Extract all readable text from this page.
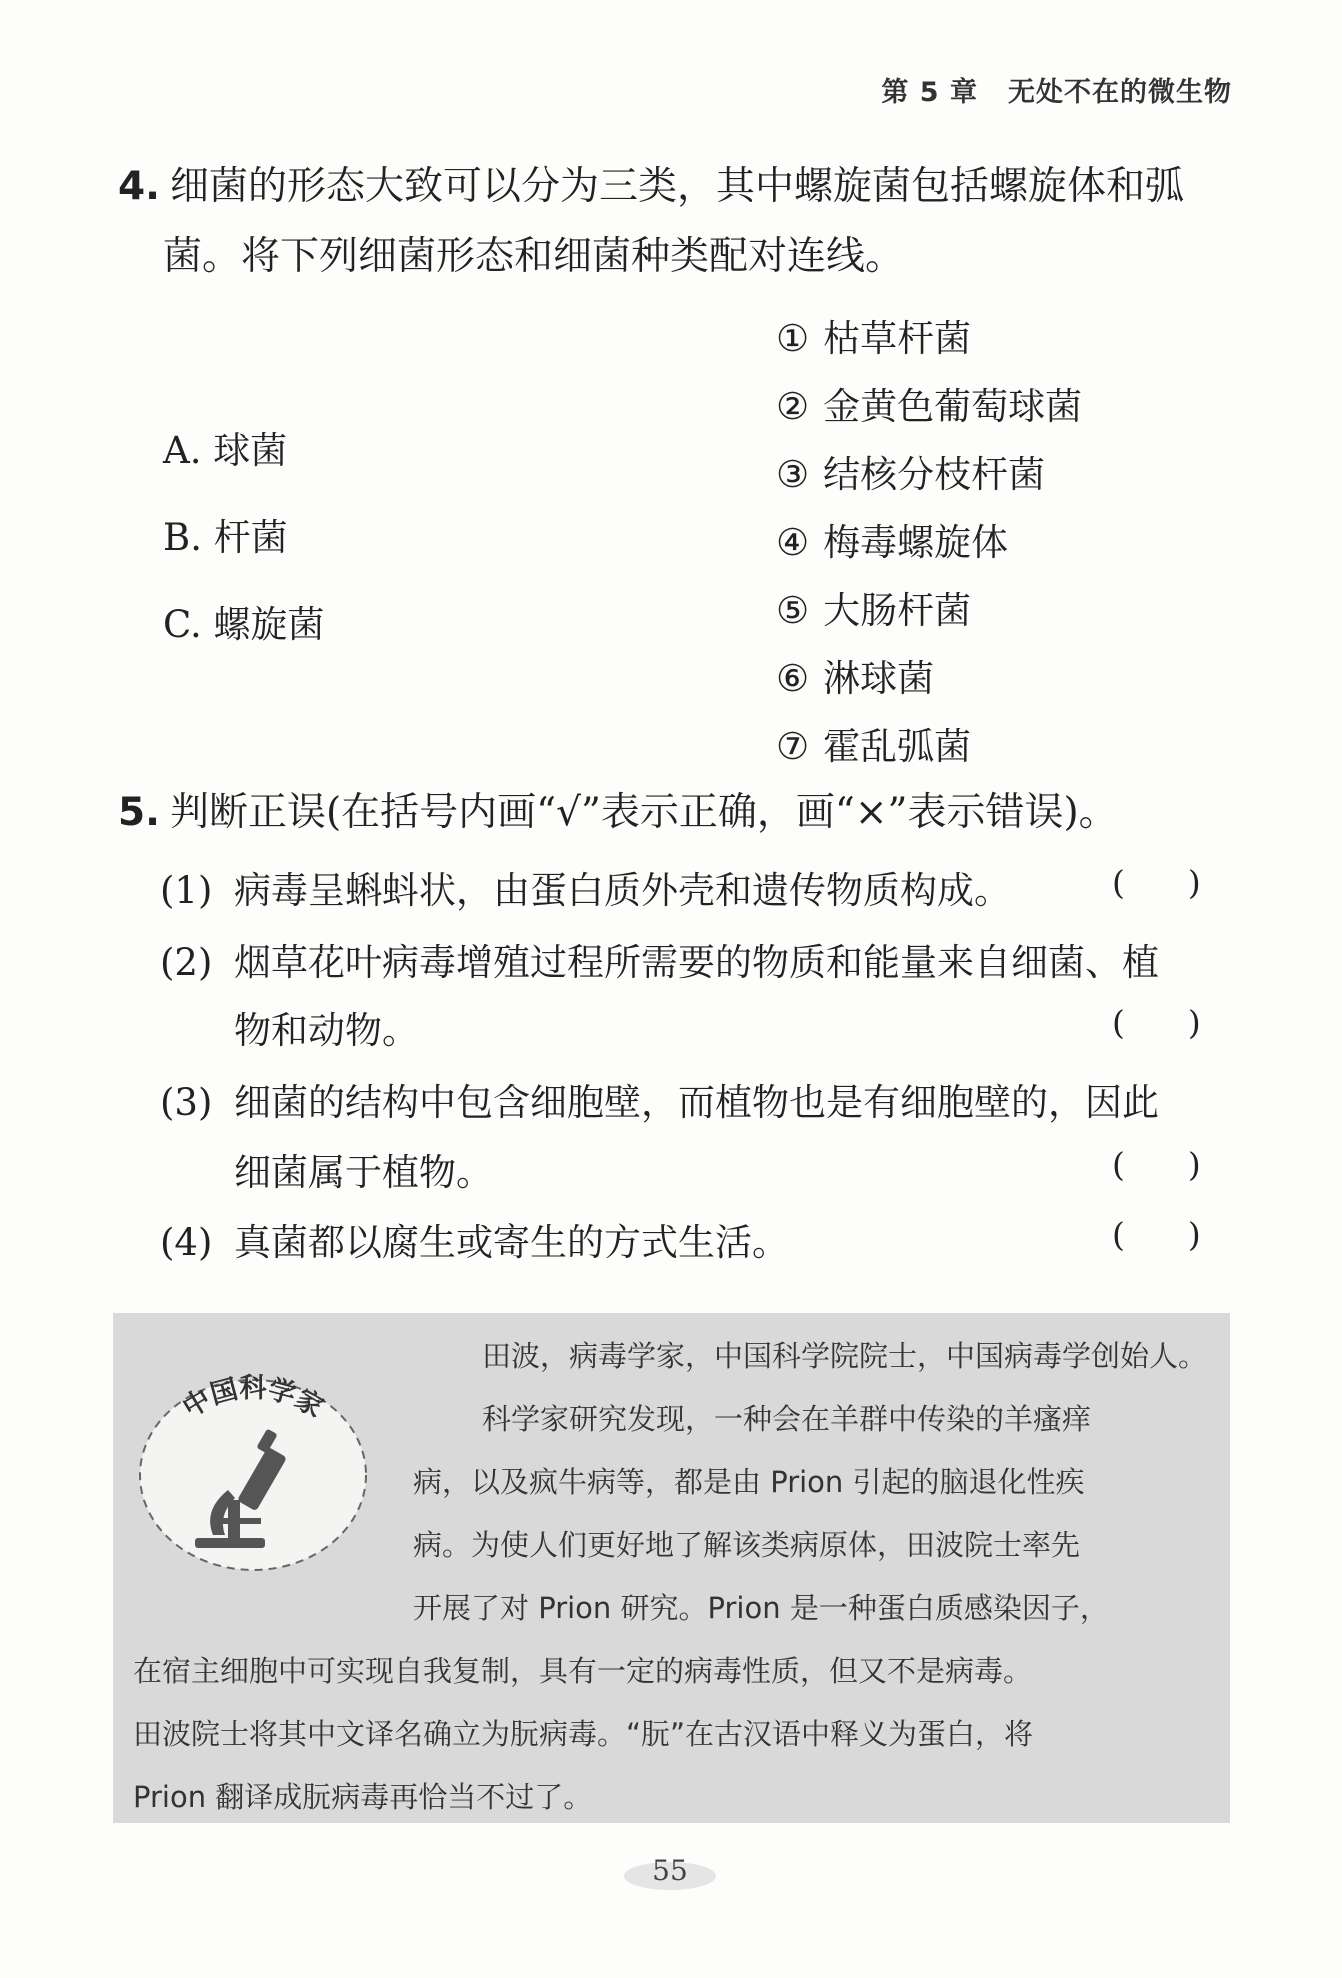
第 5 章 无处不在的微生物
4. 细菌的形态大致可以分为三类，其中螺旋菌包括螺旋体和弧
菌。将下列细菌形态和细菌种类配对连线。
A. 球菌
B. 杆菌
C. 螺旋菌
① 枯草杆菌
② 金黄色葡萄球菌
③ 结核分枝杆菌
④ 梅毒螺旋体
⑤ 大肠杆菌
⑥ 淋球菌
⑦ 霍乱弧菌
5. 判断正误(在括号内画“√”表示正确，画“×”表示错误)。
(1) 病毒呈蝌蚪状，由蛋白质外壳和遗传物质构成。	(      )
(2) 烟草花叶病毒增殖过程所需要的物质和能量来自细菌、植
物和动物。	(      )
(3) 细菌的结构中包含细胞壁，而植物也是有细胞壁的，因此
细菌属于植物。	(      )
(4) 真菌都以腐生或寄生的方式生活。	(      )
中国科学家
田波，病毒学家，中国科学院院士，中国病毒学创始人。
科学家研究发现，一种会在羊群中传染的羊瘙痒
病，以及疯牛病等，都是由 Prion 引起的脑退化性疾
病。为使人们更好地了解该类病原体，田波院士率先
开展了对 Prion 研究。Prion 是一种蛋白质感染因子，
在宿主细胞中可实现自我复制，具有一定的病毒性质，但又不是病毒。
田波院士将其中文译名确立为朊病毒。“朊”在古汉语中释义为蛋白，将
Prion 翻译成朊病毒再恰当不过了。
55
